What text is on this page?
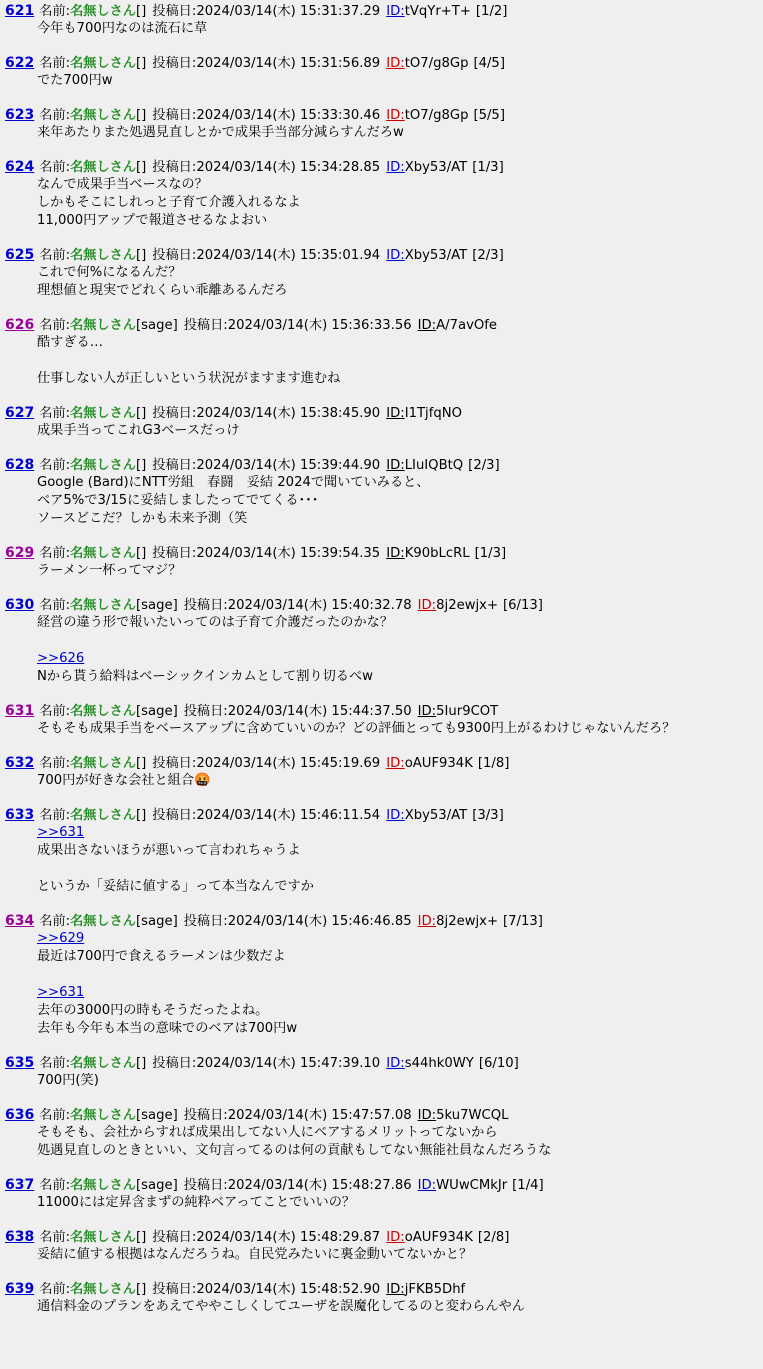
621 名前:名無しさん[] 投稿日:2024/03/14(木) 15:31:37.29 ID:tVqYr+T+ [1/2]
今年も700円なのは流石に草
622 名前:名無しさん[] 投稿日:2024/03/14(木) 15:31:56.89 ID:tO7/g8Gp [4/5]
でた700円w
623 名前:名無しさん[] 投稿日:2024/03/14(木) 15:33:30.46 ID:tO7/g8Gp [5/5]
来年あたりまた処遇見直しとかで成果手当部分減らすんだろw
624 名前:名無しさん[] 投稿日:2024/03/14(木) 15:34:28.85 ID:Xby53/AT [1/3]
なんで成果手当ベースなの？
しかもそこにしれっと子育て介護入れるなよ
11,000円アップで報道させるなよおい
625 名前:名無しさん[] 投稿日:2024/03/14(木) 15:35:01.94 ID:Xby53/AT [2/3]
これで何%になるんだ？
理想値と現実でどれくらい乖離あるんだろ
626 名前:名無しさん[sage] 投稿日:2024/03/14(木) 15:36:33.56 ID:A/7avOfe
酷すぎる…
仕事しない人が正しいという状況がますます進むね
627 名前:名無しさん[] 投稿日:2024/03/14(木) 15:38:45.90 ID:I1TjfqNO
成果手当ってこれG3ベースだっけ
628 名前:名無しさん[] 投稿日:2024/03/14(木) 15:39:44.90 ID:LIuIQBtQ [2/3]
Google (Bard)にNTT労組　春闘　妥結 2024で聞いていみると、
ベア5%で3/15に妥結しましたってでてくる･･･
ソースどこだ？しかも未来予測（笑
629 名前:名無しさん[] 投稿日:2024/03/14(木) 15:39:54.35 ID:K90bLcRL [1/3]
ラーメン一杯ってマジ？
630 名前:名無しさん[sage] 投稿日:2024/03/14(木) 15:40:32.78 ID:8j2ewjx+ [6/13]
経営の違う形で報いたいってのは子育て介護だったのかな？
>>626
Nから貰う給料はベーシックインカムとして割り切るべw
631 名前:名無しさん[sage] 投稿日:2024/03/14(木) 15:44:37.50 ID:5Iur9COT
そもそも成果手当をベースアップに含めていいのか？どの評価とっても9300円上がるわけじゃないんだろ？
632 名前:名無しさん[] 投稿日:2024/03/14(木) 15:45:19.69 ID:oAUF934K [1/8]
700円が好きな会社と組合🤬
633 名前:名無しさん[] 投稿日:2024/03/14(木) 15:46:11.54 ID:Xby53/AT [3/3]
>>631
成果出さないほうが悪いって言われちゃうよ
というか「妥結に値する」って本当なんですか
634 名前:名無しさん[sage] 投稿日:2024/03/14(木) 15:46:46.85 ID:8j2ewjx+ [7/13]
>>629
最近は700円で食えるラーメンは少数だよ
>>631
去年の3000円の時もそうだったよね。
去年も今年も本当の意味でのベアは700円w
635 名前:名無しさん[] 投稿日:2024/03/14(木) 15:47:39.10 ID:s44hk0WY [6/10]
700円(笑)
636 名前:名無しさん[sage] 投稿日:2024/03/14(木) 15:47:57.08 ID:5ku7WCQL
そもそも、会社からすれば成果出してない人にベアするメリットってないから
処遇見直しのときといい、文句言ってるのは何の貢献もしてない無能社員なんだろうな
637 名前:名無しさん[sage] 投稿日:2024/03/14(木) 15:48:27.86 ID:WUwCMkJr [1/4]
11000には定昇含まずの純粋ベアってことでいいの？
638 名前:名無しさん[] 投稿日:2024/03/14(木) 15:48:29.87 ID:oAUF934K [2/8]
妥結に値する根拠はなんだろうね。自民党みたいに裏金動いてないかと？
639 名前:名無しさん[] 投稿日:2024/03/14(木) 15:48:52.90 ID:jFKB5Dhf
通信料金のプランをあえてややこしくしてユーザを誤魔化してるのと変わらんやん
